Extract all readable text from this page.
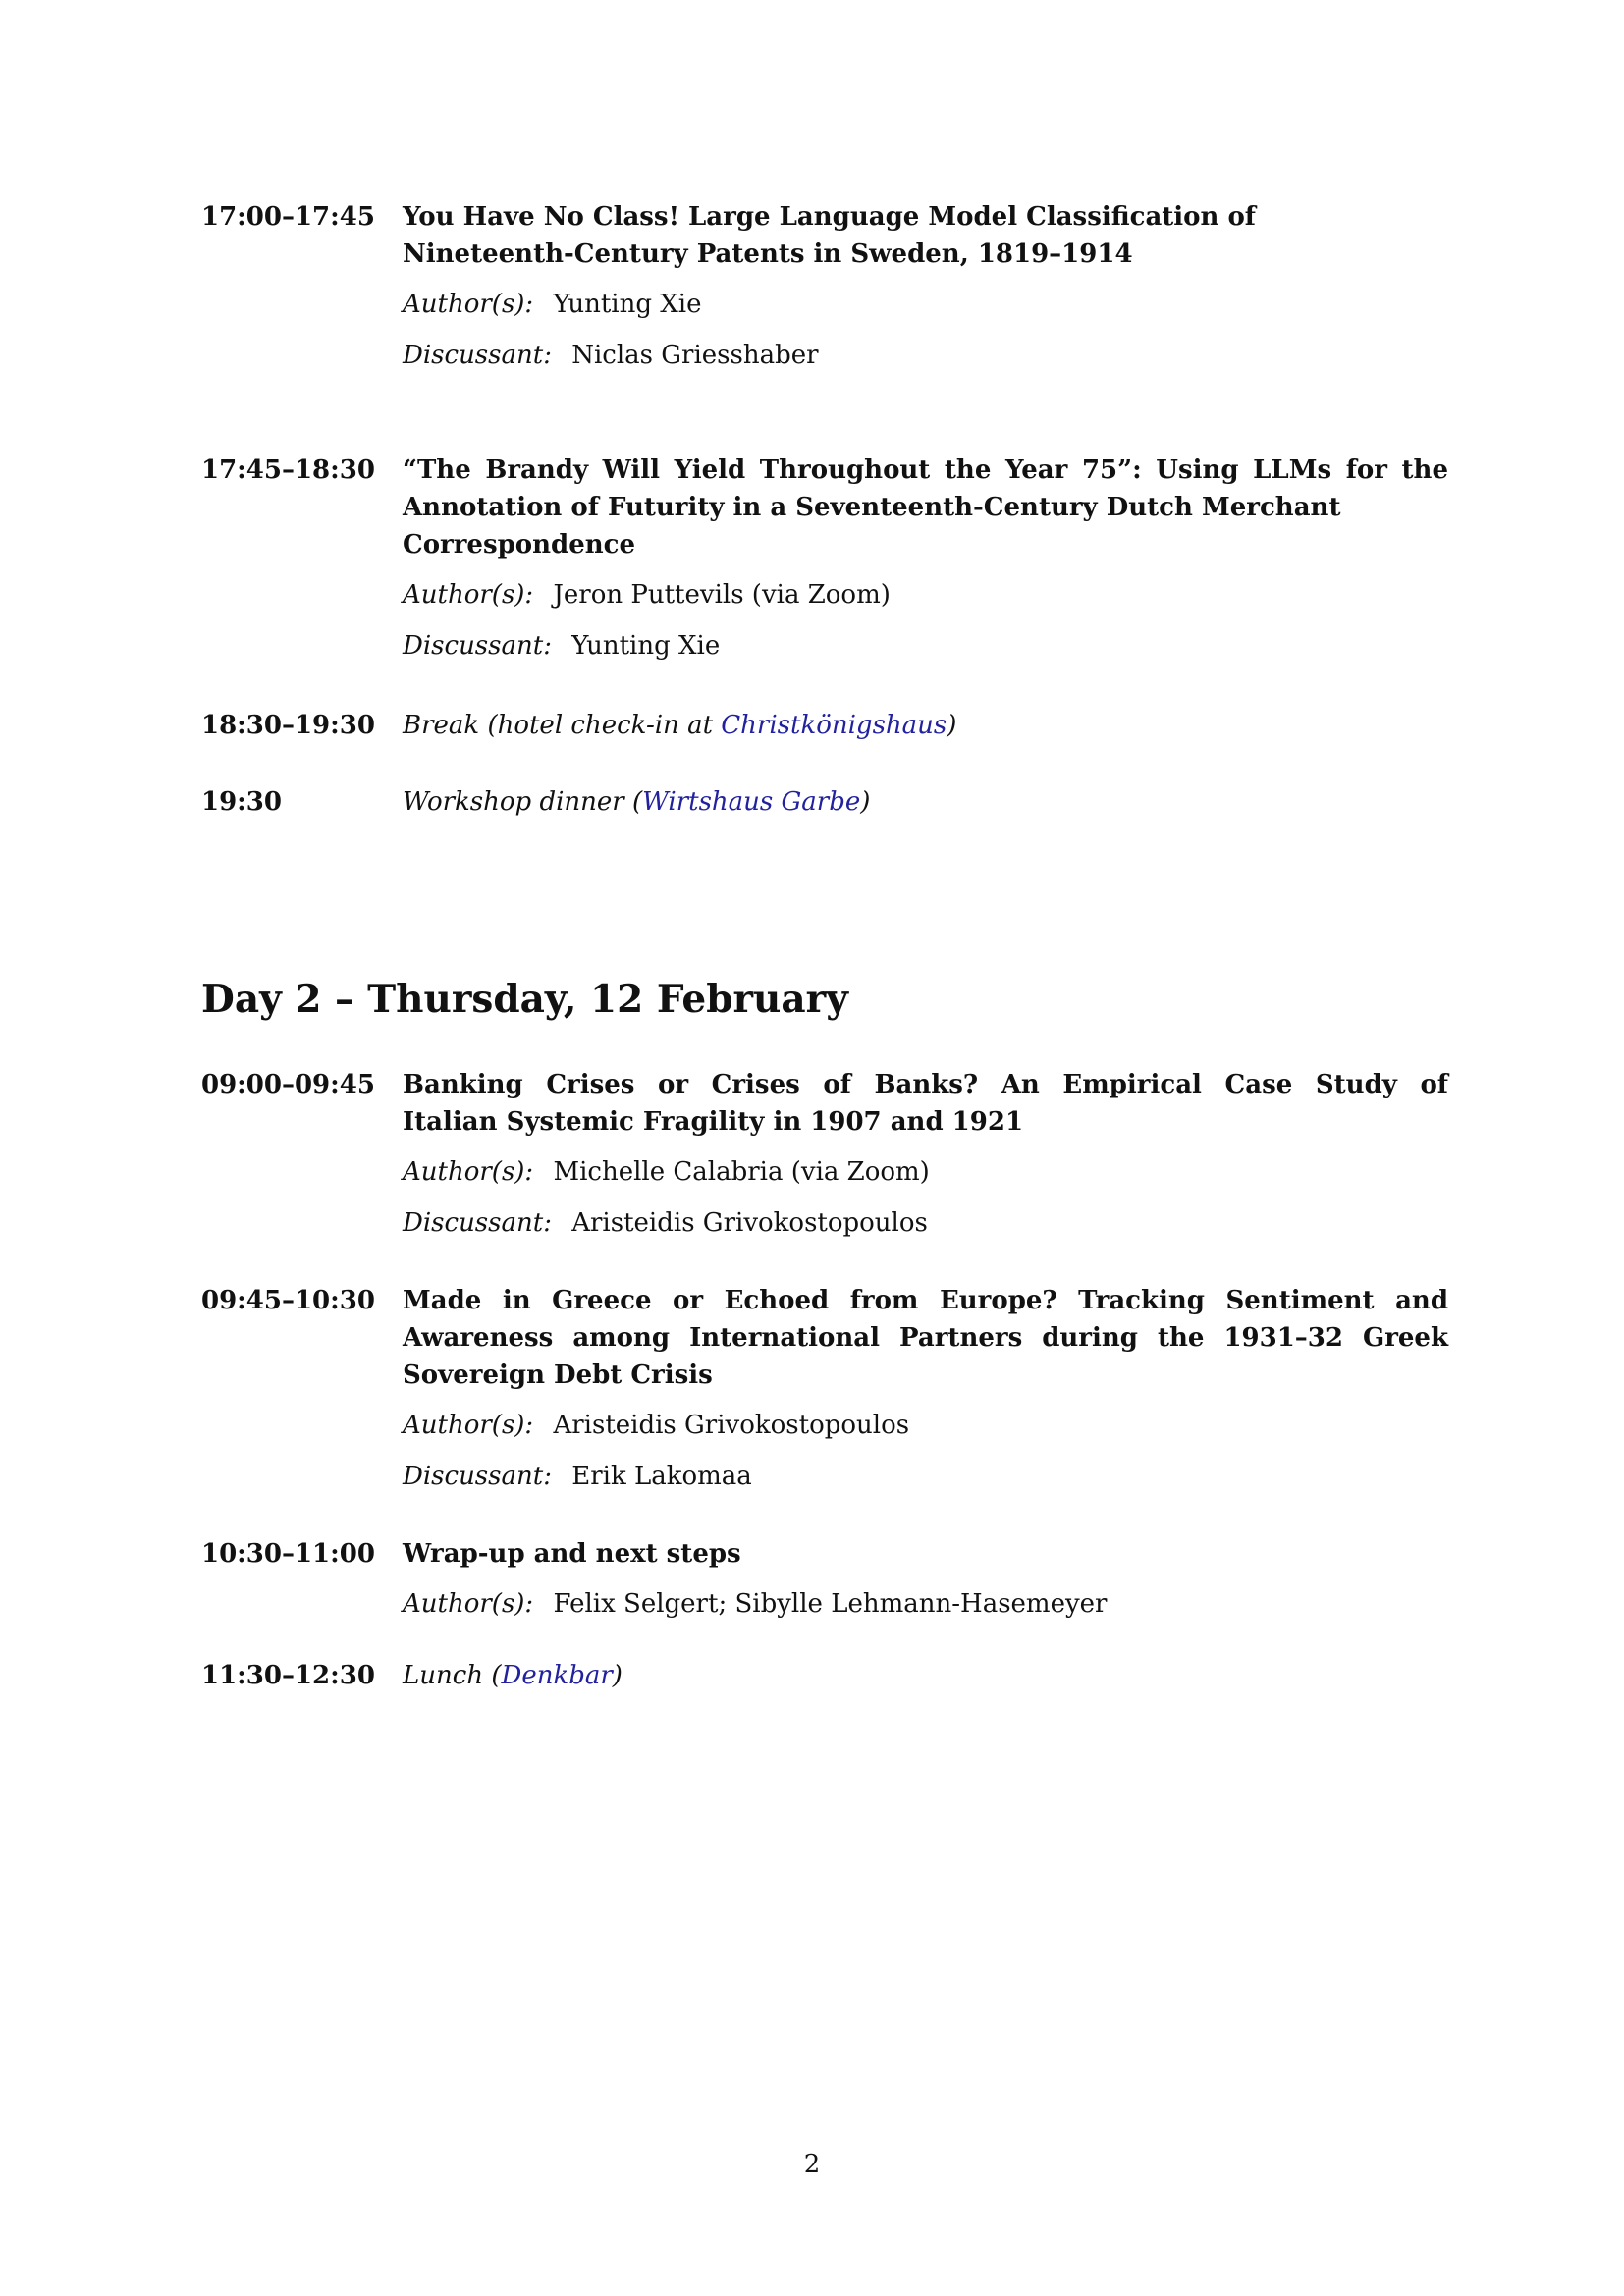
17:00–17:45	You Have No Class! Large Language Model Classification of
Nineteenth-Century Patents in Sweden, 1819–1914

Author(s): Yunting Xie

Discussant: Niclas Griesshaber

17:45–18:30	“The Brandy Will Yield Throughout the Year 75”: Using LLMs for the
Annotation of Futurity in a Seventeenth-Century Dutch Merchant
Correspondence

Author(s): Jeron Puttevils (via Zoom)

Discussant: Yunting Xie

18:30–19:30	Break (hotel check-in at Christkönigshaus)
19:30	Workshop dinner (Wirtshaus Garbe)
Day 2 – Thursday, 12 February
09:00–09:45	Banking Crises or Crises of Banks? An Empirical Case Study of
Italian Systemic Fragility in 1907 and 1921

Author(s): Michelle Calabria (via Zoom)

Discussant: Aristeidis Grivokostopoulos

09:45–10:30	Made in Greece or Echoed from Europe? Tracking Sentiment and
Awareness among International Partners during the 1931–32 Greek
Sovereign Debt Crisis

Author(s): Aristeidis Grivokostopoulos

Discussant: Erik Lakomaa

10:30–11:00	Wrap-up and next steps

Author(s): Felix Selgert; Sibylle Lehmann-Hasemeyer

11:30–12:30	Lunch (Denkbar)
2
